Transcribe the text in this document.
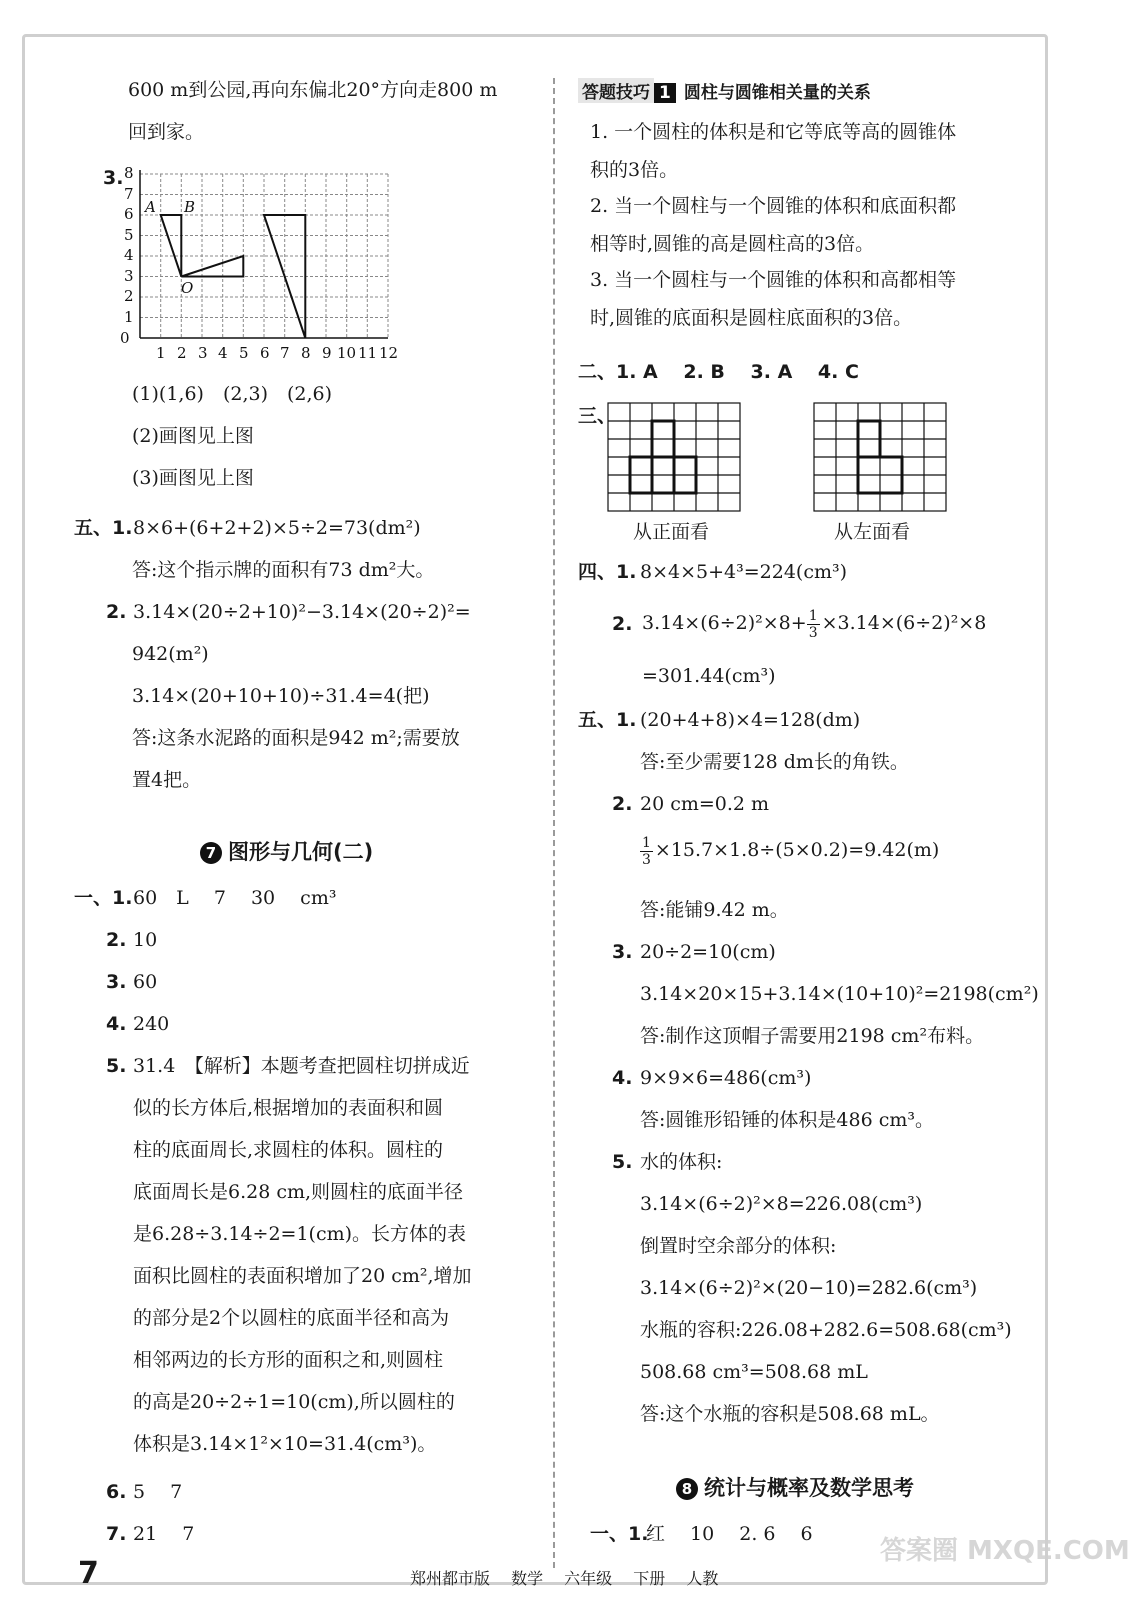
600 m到公园,再向东偏北20°方向走800 m
回到家。
3.
0
1
2
3
4
5
6
7
8
1 2 3 4 5 6 7 8 9 10 11 12
A B
O
(1)(1,6)　(2,3)　(2,6)
(2)画图见上图
(3)画图见上图
五、1. 8×6+(6+2+2)×5÷2=73(dm²)
答:这个指示牌的面积有73 dm²大。
2. 3.14×(20÷2+10)²−3.14×(20÷2)²=
942(m²)
3.14×(20+10+10)÷31.4=4(把)
答:这条水泥路的面积是942 m²;需要放
置4把。
7 图形与几何(二)
一、1. 60　L　 7　 30　 cm³
2. 10
3. 60
4. 240
5. 31.4　【解析】本题考查把圆柱切拼成近
似的长方体后,根据增加的表面积和圆
柱的底面周长,求圆柱的体积。圆柱的
底面周长是6.28 cm,则圆柱的底面半径
是6.28÷3.14÷2=1(cm)。长方体的表
面积比圆柱的表面积增加了20 cm²,增加
的部分是2个以圆柱的底面半径和高为
相邻两边的长方形的面积之和,则圆柱
的高是20÷2÷1=10(cm),所以圆柱的
体积是3.14×1²×10=31.4(cm³)。
6. 5　 7
7. 21　 7
答题技巧 1 圆柱与圆锥相关量的关系
1. 一个圆柱的体积是和它等底等高的圆锥体
积的3倍。
2. 当一个圆柱与一个圆锥的体积和底面积都
相等时,圆锥的高是圆柱高的3倍。
3. 当一个圆柱与一个圆锥的体积和高都相等
时,圆锥的底面积是圆柱底面积的3倍。
二、1. A　 2. B　 3. A　 4. C
三、
从正面看	从左面看
四、1. 8×4×5+4³=224(cm³)
2. $3.14\times(6\div 2)^2\times 8+ \frac{1}{3} \times 3.14\times(6\div 2)^2\times 8$
=301.44(cm³)
五、1. (20+4+8)×4=128(dm)
答:至少需要128 dm长的角铁。
2. 20 cm=0.2 m
$\frac{1}{3} \times 15.7\times 1.8\div(5\times 0.2)=9.42(m)$
答:能铺9.42 m。
3. 20÷2=10(cm)
3.14×20×15+3.14×(10+10)²=2198(cm²)
答:制作这顶帽子需要用2198 cm²布料。
4. 9×9×6=486(cm³)
答:圆锥形铅锤的体积是486 cm³。
5. 水的体积:
3.14×(6÷2)²×8=226.08(cm³)
倒置时空余部分的体积:
3.14×(6÷2)²×(20−10)=282.6(cm³)
水瓶的容积:226.08+282.6=508.68(cm³)
508.68 cm³=508.68 mL
答:这个水瓶的容积是508.68 mL。
8 统计与概率及数学思考
一、1.
红　 10　 2. 6　 6
答案圈 MXQE.COM
7	郑州都市版　 数学　 六年级　 下册　 人教
